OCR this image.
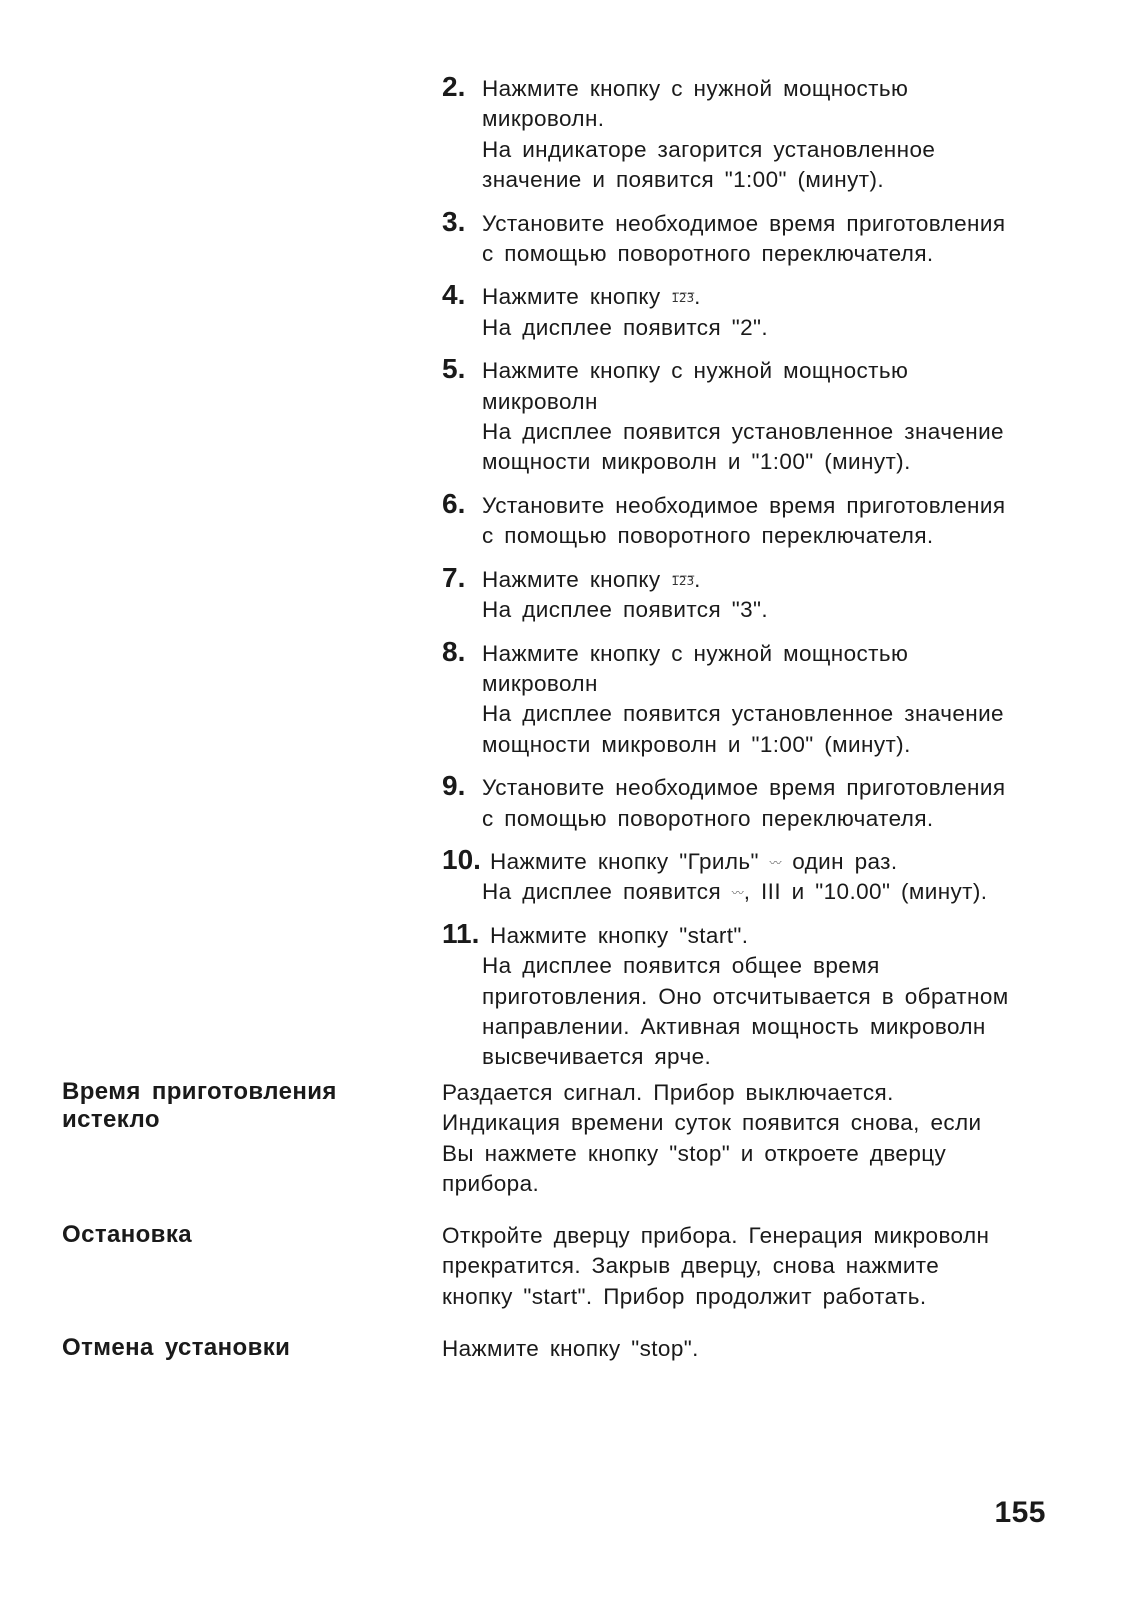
2. Нажмите кнопку с нужной мощностью
микроволн.
На индикаторе загорится установленное
значение и появится "1:00" (минут).
3. Установите необходимое время приготовления
с помощью поворотного переключателя.
4. Нажмите кнопку 1̅2̅3̅.
На дисплее появится "2".
5. Нажмите кнопку с нужной мощностью
микроволн
На дисплее появится установленное значение
мощности микроволн и "1:00" (минут).
6. Установите необходимое время приготовления
с помощью поворотного переключателя.
7. Нажмите кнопку 1̅2̅3̅.
На дисплее появится "3".
8. Нажмите кнопку с нужной мощностью
микроволн
На дисплее появится установленное значение
мощности микроволн и "1:00" (минут).
9. Установите необходимое время приготовления
с помощью поворотного переключателя.
10. Нажмите кнопку "Гриль" 〰 один раз.
На дисплее появится 〰, III и "10.00" (минут).
11. Нажмите кнопку "start".
На дисплее появится общее время
приготовления. Оно отсчитывается в обратном
направлении. Активная мощность микроволн
высвечивается ярче.
Время приготовления истекло
Раздается сигнал. Прибор выключается.
Индикация времени суток появится снова, если
Вы нажмете кнопку "stop" и откроете дверцу
прибора.
Остановка	Откройте дверцу прибора. Генерация микроволн
прекратится. Закрыв дверцу, снова нажмите
кнопку "start". Прибор продолжит работать.
Отмена установки	Нажмите кнопку "stop".
155
